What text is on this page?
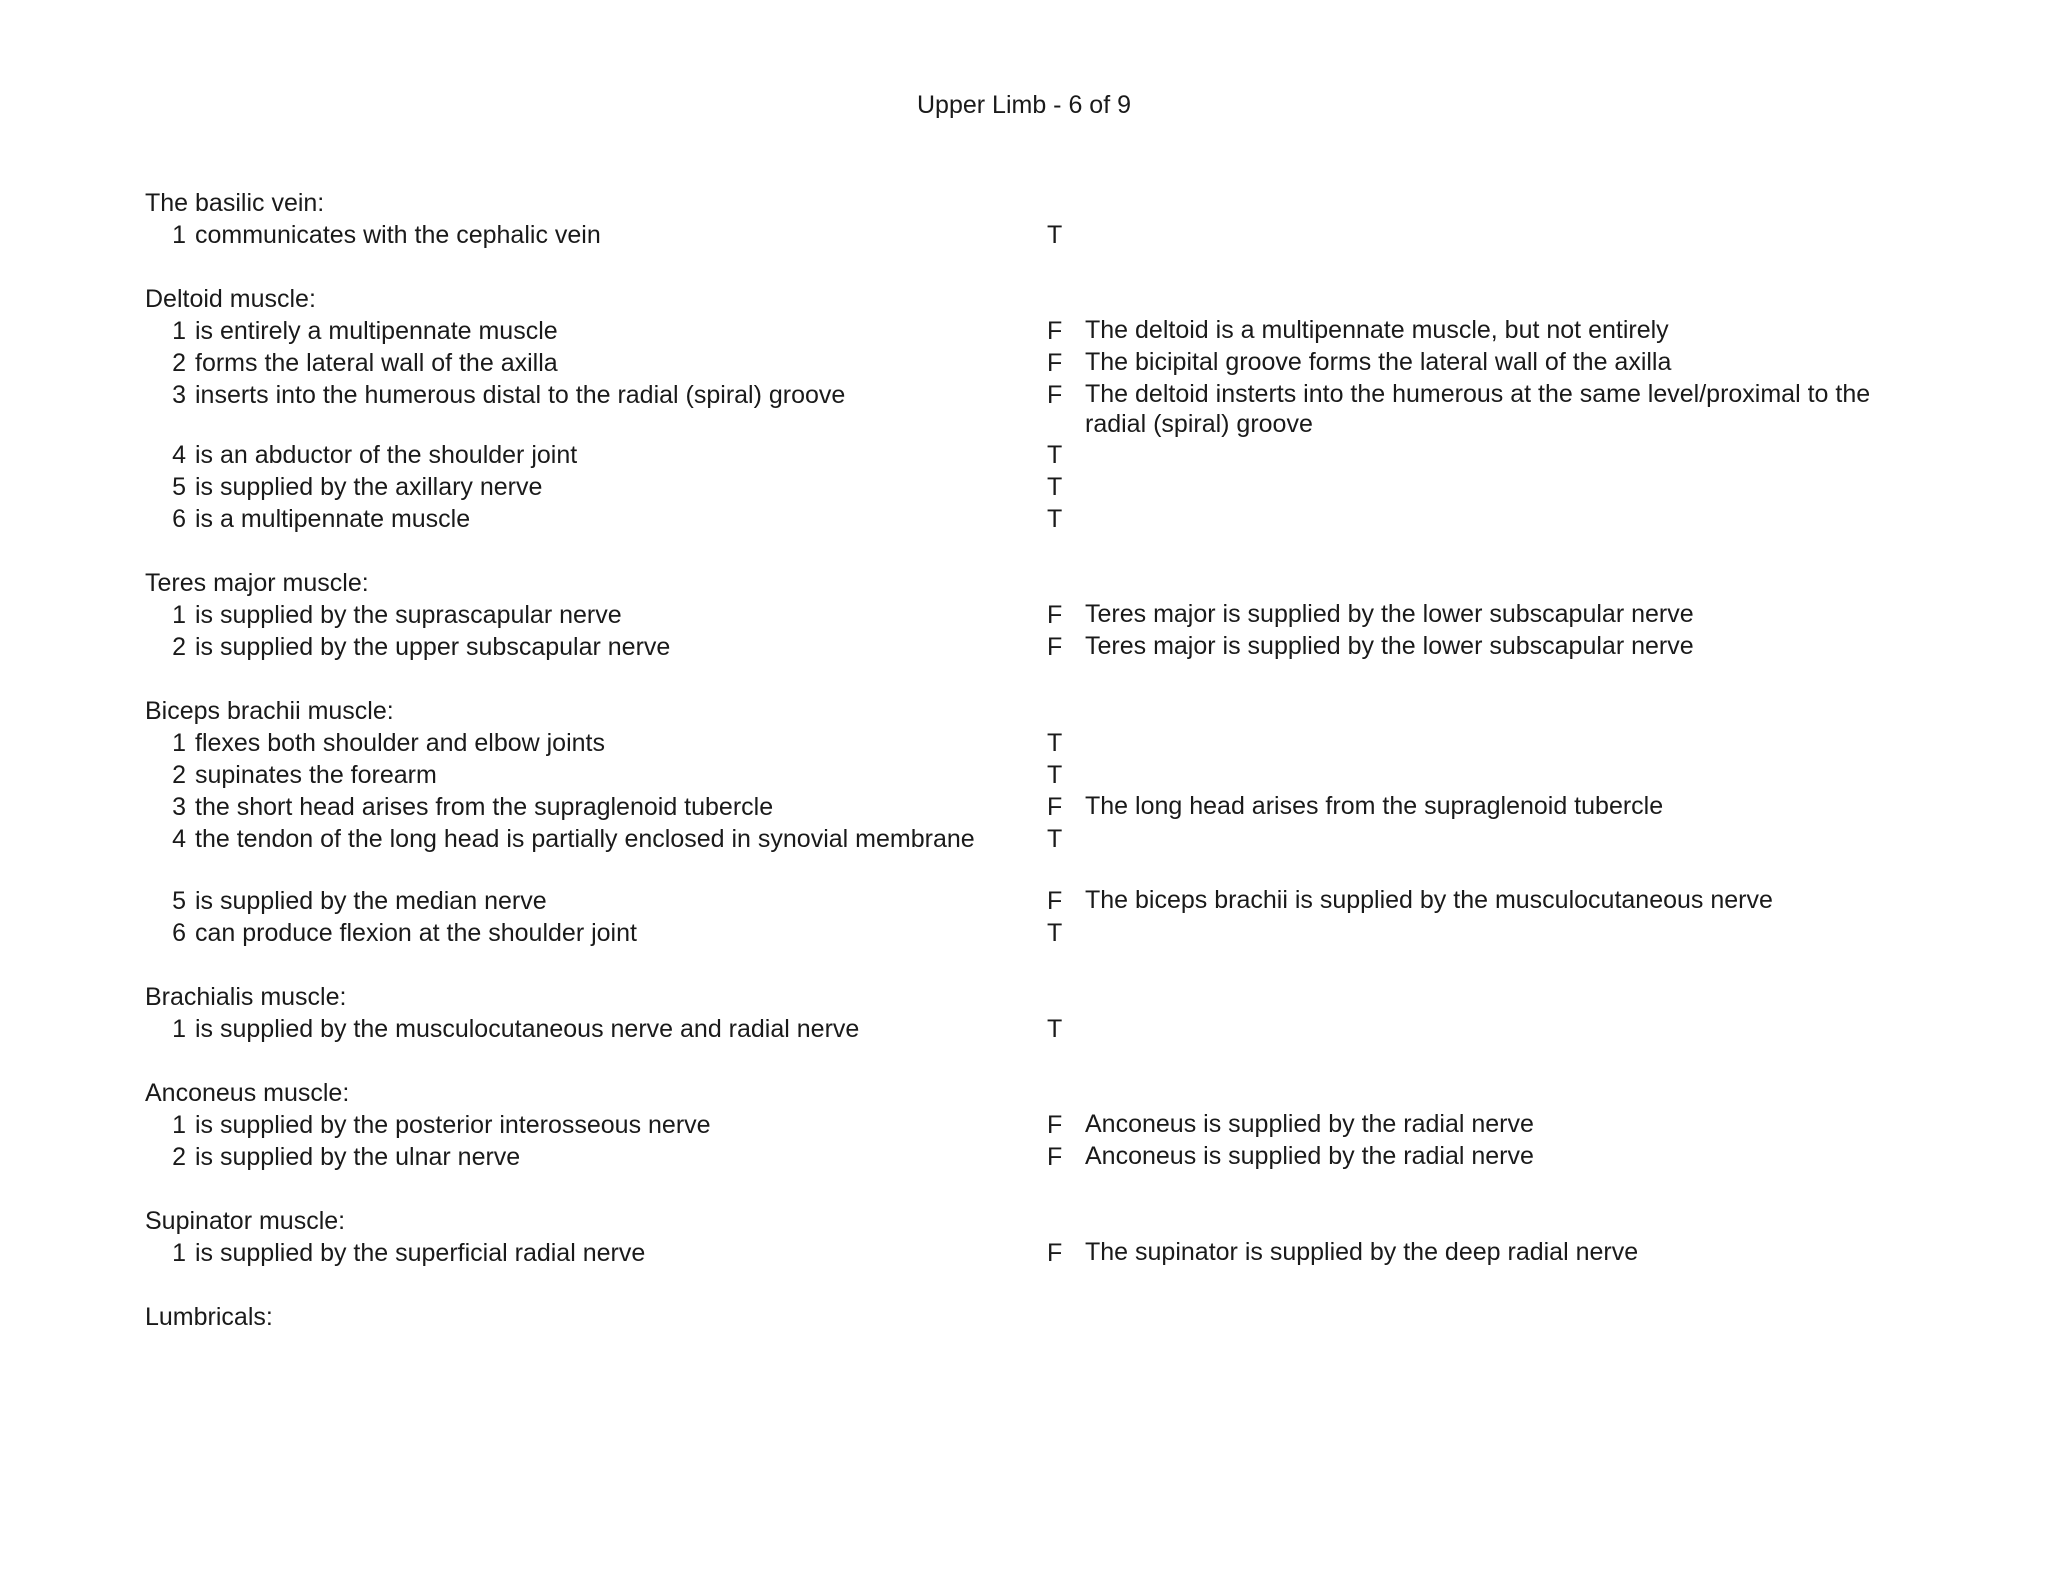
Upper Limb - 6 of 9
The basilic vein:
1 communicates with the cephalic vein	T
Deltoid muscle:
1 is entirely a multipennate muscle	F The deltoid is a multipennate muscle, but not entirely
2 forms the lateral wall of the axilla	F The bicipital groove forms the lateral wall of the axilla
3 inserts into the humerous distal to the radial (spiral) groove	F The deltoid insterts into the humerous at the same level/proximal to the radial (spiral) groove
4 is an abductor of the shoulder joint	T
5 is supplied by the axillary nerve	T
6 is a multipennate muscle	T
Teres major muscle:
1 is supplied by the suprascapular nerve	F Teres major is supplied by the lower subscapular nerve
2 is supplied by the upper subscapular nerve	F Teres major is supplied by the lower subscapular nerve
Biceps brachii muscle:
1 flexes both shoulder and elbow joints	T
2 supinates the forearm	T
3 the short head arises from the supraglenoid tubercle	F The long head arises from the supraglenoid tubercle
4 the tendon of the long head is partially enclosed in synovial membrane	T
5 is supplied by the median nerve	F The biceps brachii is supplied by the musculocutaneous nerve
6 can produce flexion at the shoulder joint	T
Brachialis muscle:
1 is supplied by the musculocutaneous nerve and radial nerve	T
Anconeus muscle:
1 is supplied by the posterior interosseous nerve	F Anconeus is supplied by the radial nerve
2 is supplied by the ulnar nerve	F Anconeus is supplied by the radial nerve
Supinator muscle:
1 is supplied by the superficial radial nerve	F The supinator is supplied by the deep radial nerve
Lumbricals:
